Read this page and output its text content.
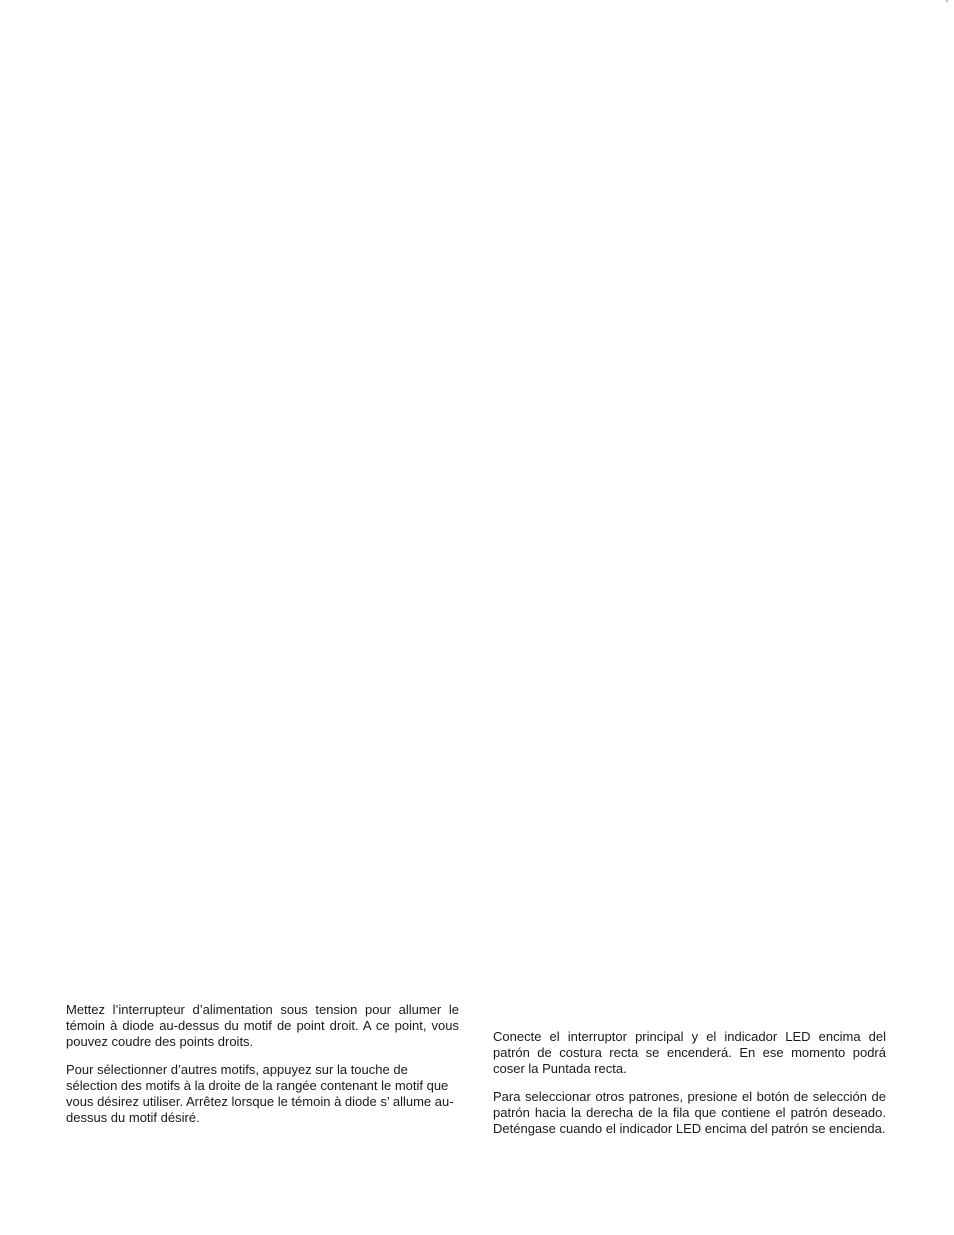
Mettez l’interrupteur d’alimentation sous tension pour allumer le témoin à diode au-dessus du motif de point droit. A ce point, vous pouvez coudre des points droits.

Pour sélectionner d’autres motifs, appuyez sur la touche de sélection des motifs à la droite de la rangée contenant le motif que vous désirez utiliser. Arrêtez lorsque le témoin à diode s’ allume au-dessus du motif désiré.

Conecte el interruptor principal y el indicador LED encima del patrón de costura recta se encenderá. En ese momento podrá coser la Puntada recta.

Para seleccionar otros patrones, presione el botón de selección de patrón hacia la derecha de la fila que contiene el patrón deseado. Deténgase cuando el indicador LED encima del patrón se encienda.
